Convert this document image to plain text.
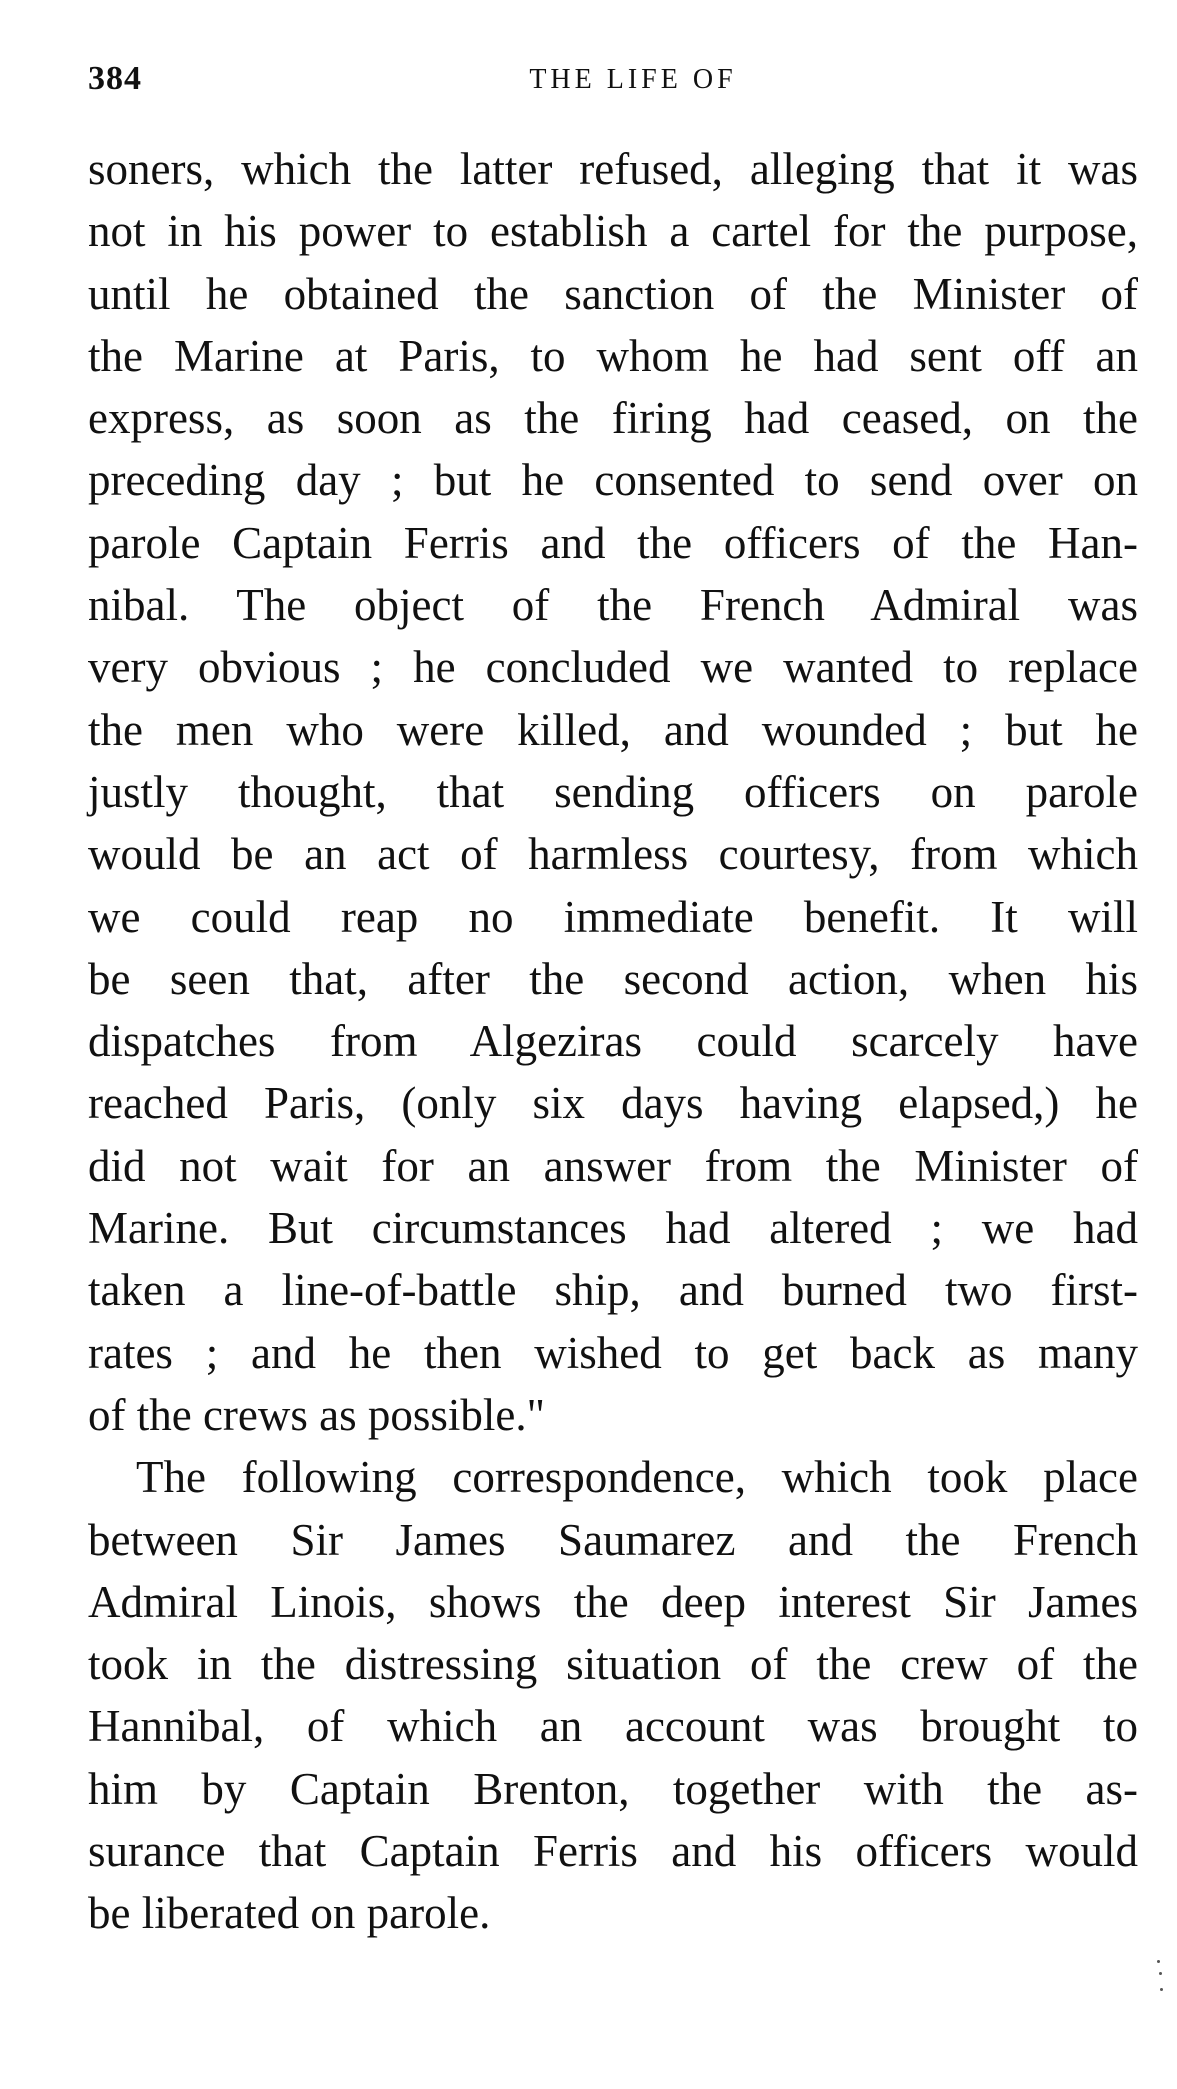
384	THE LIFE OF
soners, which the latter refused, alleging that it was
not in his power to establish a cartel for the purpose,
until he obtained the sanction of the Minister of
the Marine at Paris, to whom he had sent off an
express, as soon as the firing had ceased, on the
preceding day ; but he consented to send over on
parole Captain Ferris and the officers of the Han-
nibal. The object of the French Admiral was
very obvious ; he concluded we wanted to replace
the men who were killed, and wounded ; but he
justly thought, that sending officers on parole
would be an act of harmless courtesy, from which
we could reap no immediate benefit. It will
be seen that, after the second action, when his
dispatches from Algeziras could scarcely have
reached Paris, (only six days having elapsed,) he
did not wait for an answer from the Minister of
Marine. But circumstances had altered ; we had
taken a line-of-battle ship, and burned two first-
rates ; and he then wished to get back as many
of the crews as possible."
The following correspondence, which took place
between Sir James Saumarez and the French
Admiral Linois, shows the deep interest Sir James
took in the distressing situation of the crew of the
Hannibal, of which an account was brought to
him by Captain Brenton, together with the as-
surance that Captain Ferris and his officers would
be liberated on parole.
